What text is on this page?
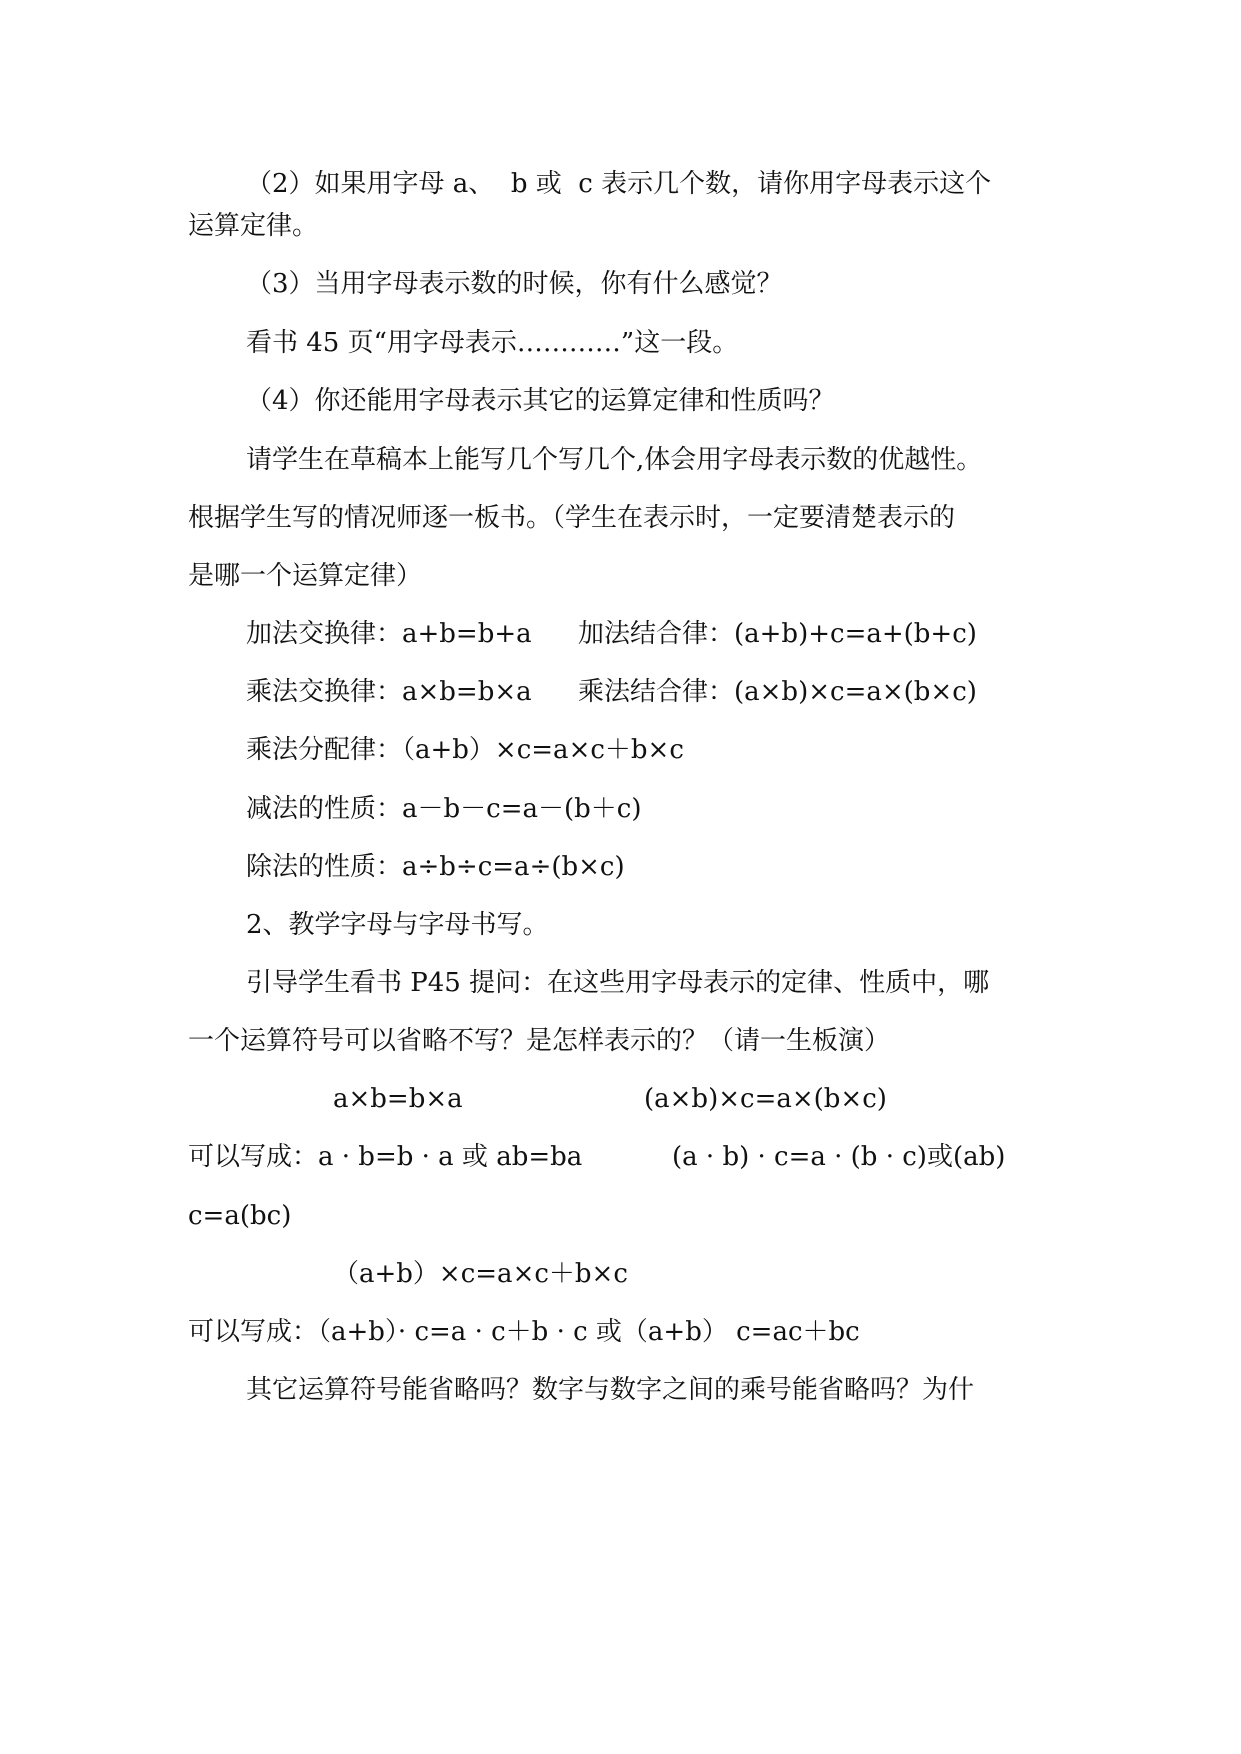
（2）如果用字母 a、  b 或  c 表示几个数，请你用字母表示这个
运算定律。
（3）当用字母表示数的时候，你有什么感觉？
看书 45 页“用字母表示…………”这一段。
（4）你还能用字母表示其它的运算定律和性质吗？
请学生在草稿本上能写几个写几个,体会用字母表示数的优越性。
根据学生写的情况师逐一板书。（学生在表示时，一定要清楚表示的
是哪一个运算定律）
加法交换律：a+b=b+a 加法结合律：(a+b)+c=a+(b+c)
乘法交换律：a×b=b×a 乘法结合律：(a×b)×c=a×(b×c)
乘法分配律：（a+b）×c=a×c＋b×c
减法的性质：a－b－c=a－(b＋c)
除法的性质：a÷b÷c=a÷(b×c)
2、教学字母与字母书写。
引导学生看书 P45 提问：在这些用字母表示的定律、性质中，哪
一个运算符号可以省略不写？是怎样表示的？（请一生板演）
a×b=b×a	(a×b)×c=a×(b×c)
可以写成：a · b=b · a 或 ab=ba	(a · b) · c=a · (b · c)或(ab)
c=a(bc)
（a+b）×c=a×c＋b×c
可以写成：（a+b）· c=a · c＋b · c 或（a+b） c=ac＋bc
其它运算符号能省略吗？数字与数字之间的乘号能省略吗？为什
